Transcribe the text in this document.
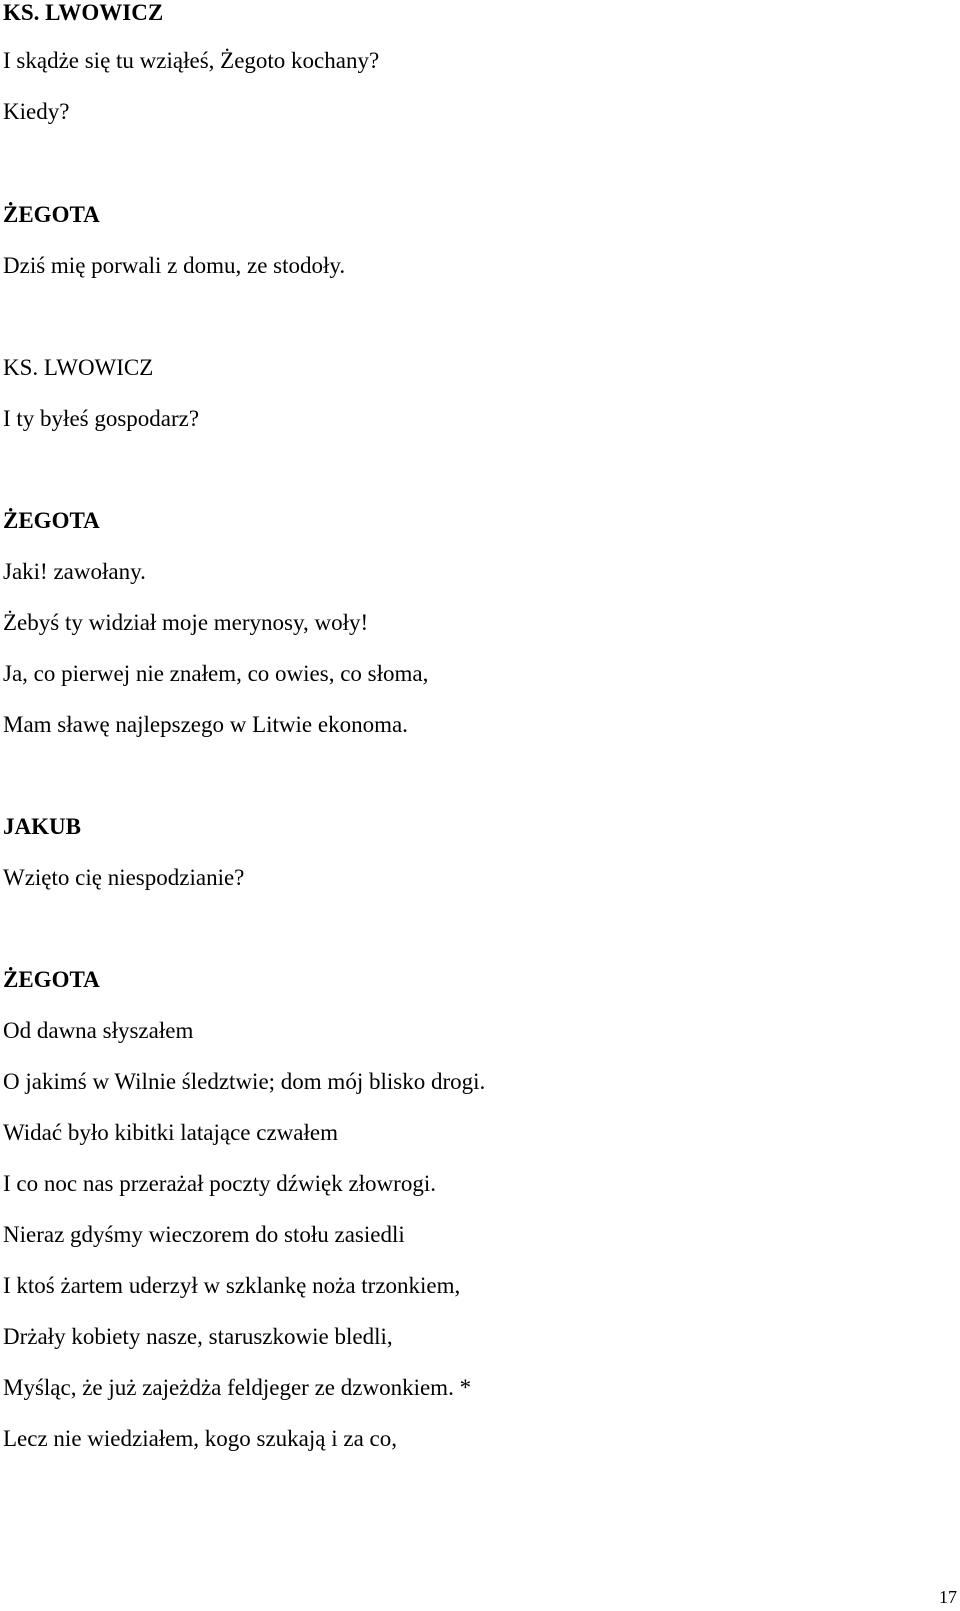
KS. LWOWICZ
I skądże się tu wziąłeś, Żegoto kochany?
Kiedy?
ŻEGOTA
Dziś mię porwali z domu, ze stodoły.
KS. LWOWICZ
I ty byłeś gospodarz?
ŻEGOTA
Jaki! zawołany.
Żebyś ty widział moje merynosy, woły!
Ja, co pierwej nie znałem, co owies, co słoma,
Mam sławę najlepszego w Litwie ekonoma.
JAKUB
Wzięto cię niespodzianie?
ŻEGOTA
Od dawna słyszałem
O jakimś w Wilnie śledztwie; dom mój blisko drogi.
Widać było kibitki latające czwałem
I co noc nas przerażał poczty dźwięk złowrogi.
Nieraz gdyśmy wieczorem do stołu zasiedli
I ktoś żartem uderzył w szklankę noża trzonkiem,
Drżały kobiety nasze, staruszkowie bledli,
Myśląc, że już zajeżdża feldjeger ze dzwonkiem. *
Lecz nie wiedziałem, kogo szukają i za co,
17
